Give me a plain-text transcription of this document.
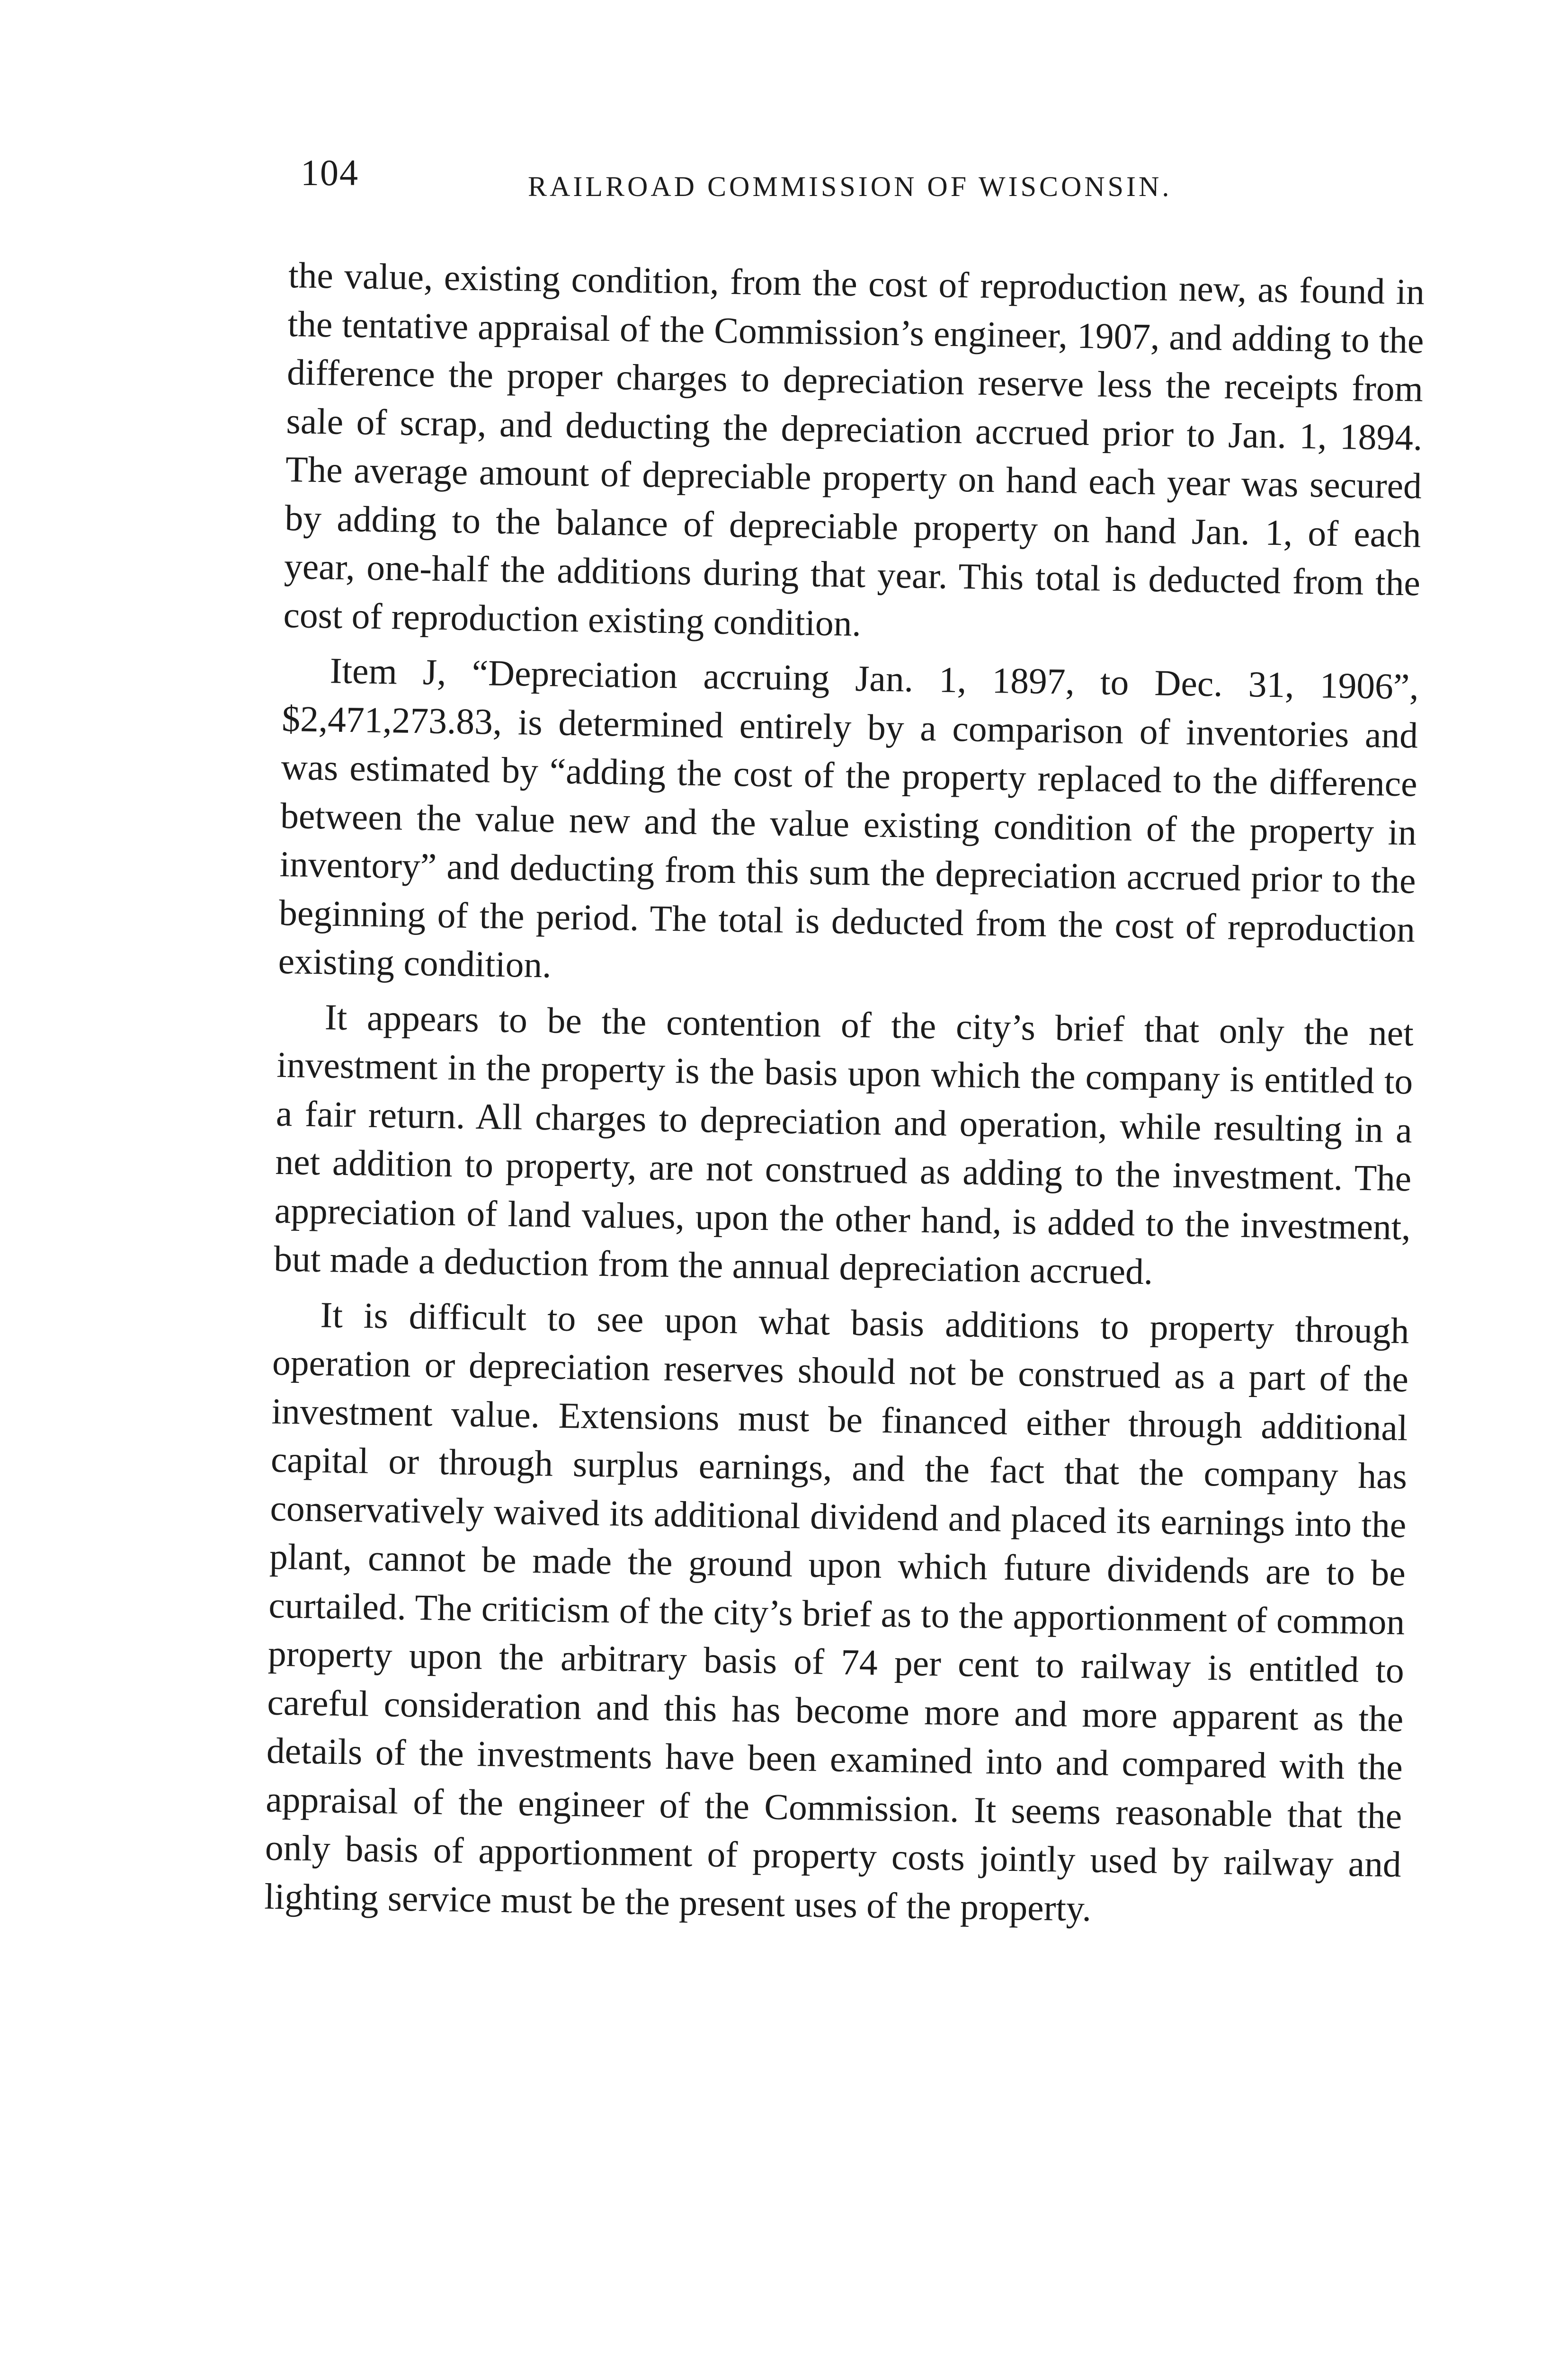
104	RAILROAD COMMISSION OF WISCONSIN.

the value, existing condition, from the cost of reproduction new, as found in the tentative appraisal of the Commission’s engineer, 1907, and adding to the difference the proper charges to depreciation reserve less the receipts from sale of scrap, and deducting the depreciation accrued prior to Jan. 1, 1894. The average amount of depreciable property on hand each year was secured by adding to the balance of depreciable property on hand Jan. 1, of each year, one-half the additions during that year. This total is deducted from the cost of reproduction existing condition.

Item J, “Depreciation accruing Jan. 1, 1897, to Dec. 31, 1906”, $2,471,273.83, is determined entirely by a comparison of inventories and was estimated by “adding the cost of the property replaced to the difference between the value new and the value existing condition of the property in inventory” and deducting from this sum the depreciation accrued prior to the beginning of the period. The total is deducted from the cost of reproduction existing condition.

It appears to be the contention of the city’s brief that only the net investment in the property is the basis upon which the company is entitled to a fair return. All charges to depreciation and operation, while resulting in a net addition to property, are not construed as adding to the investment. The appreciation of land values, upon the other hand, is added to the investment, but made a deduction from the annual depreciation accrued.

It is difficult to see upon what basis additions to property through operation or depreciation reserves should not be construed as a part of the investment value. Extensions must be financed either through additional capital or through surplus earnings, and the fact that the company has conservatively waived its additional dividend and placed its earnings into the plant, cannot be made the ground upon which future dividends are to be curtailed. The criticism of the city’s brief as to the apportionment of common property upon the arbitrary basis of 74 per cent to railway is entitled to careful consideration and this has become more and more apparent as the details of the investments have been examined into and compared with the appraisal of the engineer of the Commission. It seems reasonable that the only basis of apportionment of property costs jointly used by railway and lighting service must be the present uses of the property.
